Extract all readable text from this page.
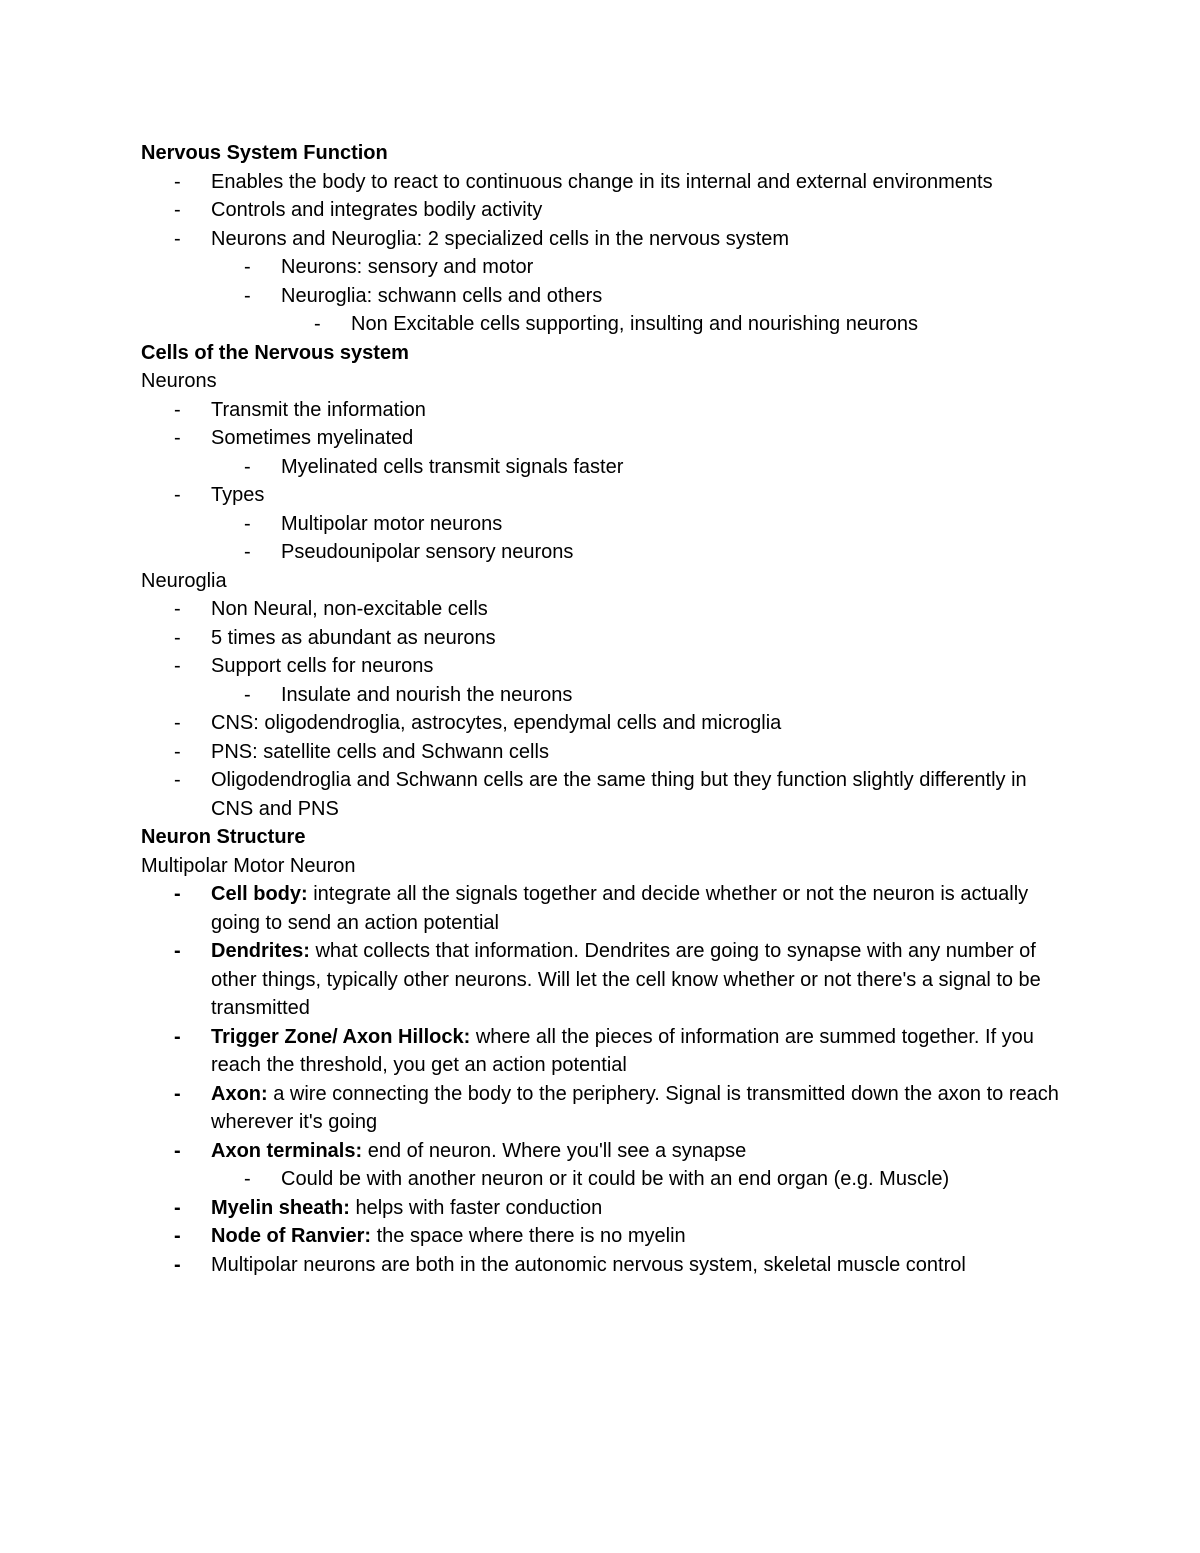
Nervous System Function
-	Enables the body to react to continuous change in its internal and external environments
-	Controls and integrates bodily activity
-	Neurons and Neuroglia: 2 specialized cells in the nervous system
-	Neurons: sensory and motor
-	Neuroglia: schwann cells and others
-	Non Excitable cells supporting, insulting and nourishing neurons
Cells of the Nervous system
Neurons
-	Transmit the information
-	Sometimes myelinated
-	Myelinated cells transmit signals faster
-	Types
-	Multipolar motor neurons
-	Pseudounipolar sensory neurons
Neuroglia
-	Non Neural, non-excitable cells
-	5 times as abundant as neurons
-	Support cells for neurons
-	Insulate and nourish the neurons
-	CNS: oligodendroglia, astrocytes, ependymal cells and microglia
-	PNS: satellite cells and Schwann cells
-	Oligodendroglia and Schwann cells are the same thing but they function slightly differently in CNS and PNS
Neuron Structure
Multipolar Motor Neuron
-	Cell body: integrate all the signals together and decide whether or not the neuron is actually going to send an action potential
-	Dendrites: what collects that information. Dendrites are going to synapse with any number of other things, typically other neurons. Will let the cell know whether or not there's a signal to be transmitted
-	Trigger Zone/ Axon Hillock: where all the pieces of information are summed together. If you reach the threshold, you get an action potential
-	Axon: a wire connecting the body to the periphery. Signal is transmitted down the axon to reach wherever it's going
-	Axon terminals: end of neuron. Where you'll see a synapse
-	Could be with another neuron or it could be with an end organ (e.g. Muscle)
-	Myelin sheath: helps with faster conduction
-	Node of Ranvier: the space where there is no myelin
-	Multipolar neurons are both in the autonomic nervous system, skeletal muscle control
